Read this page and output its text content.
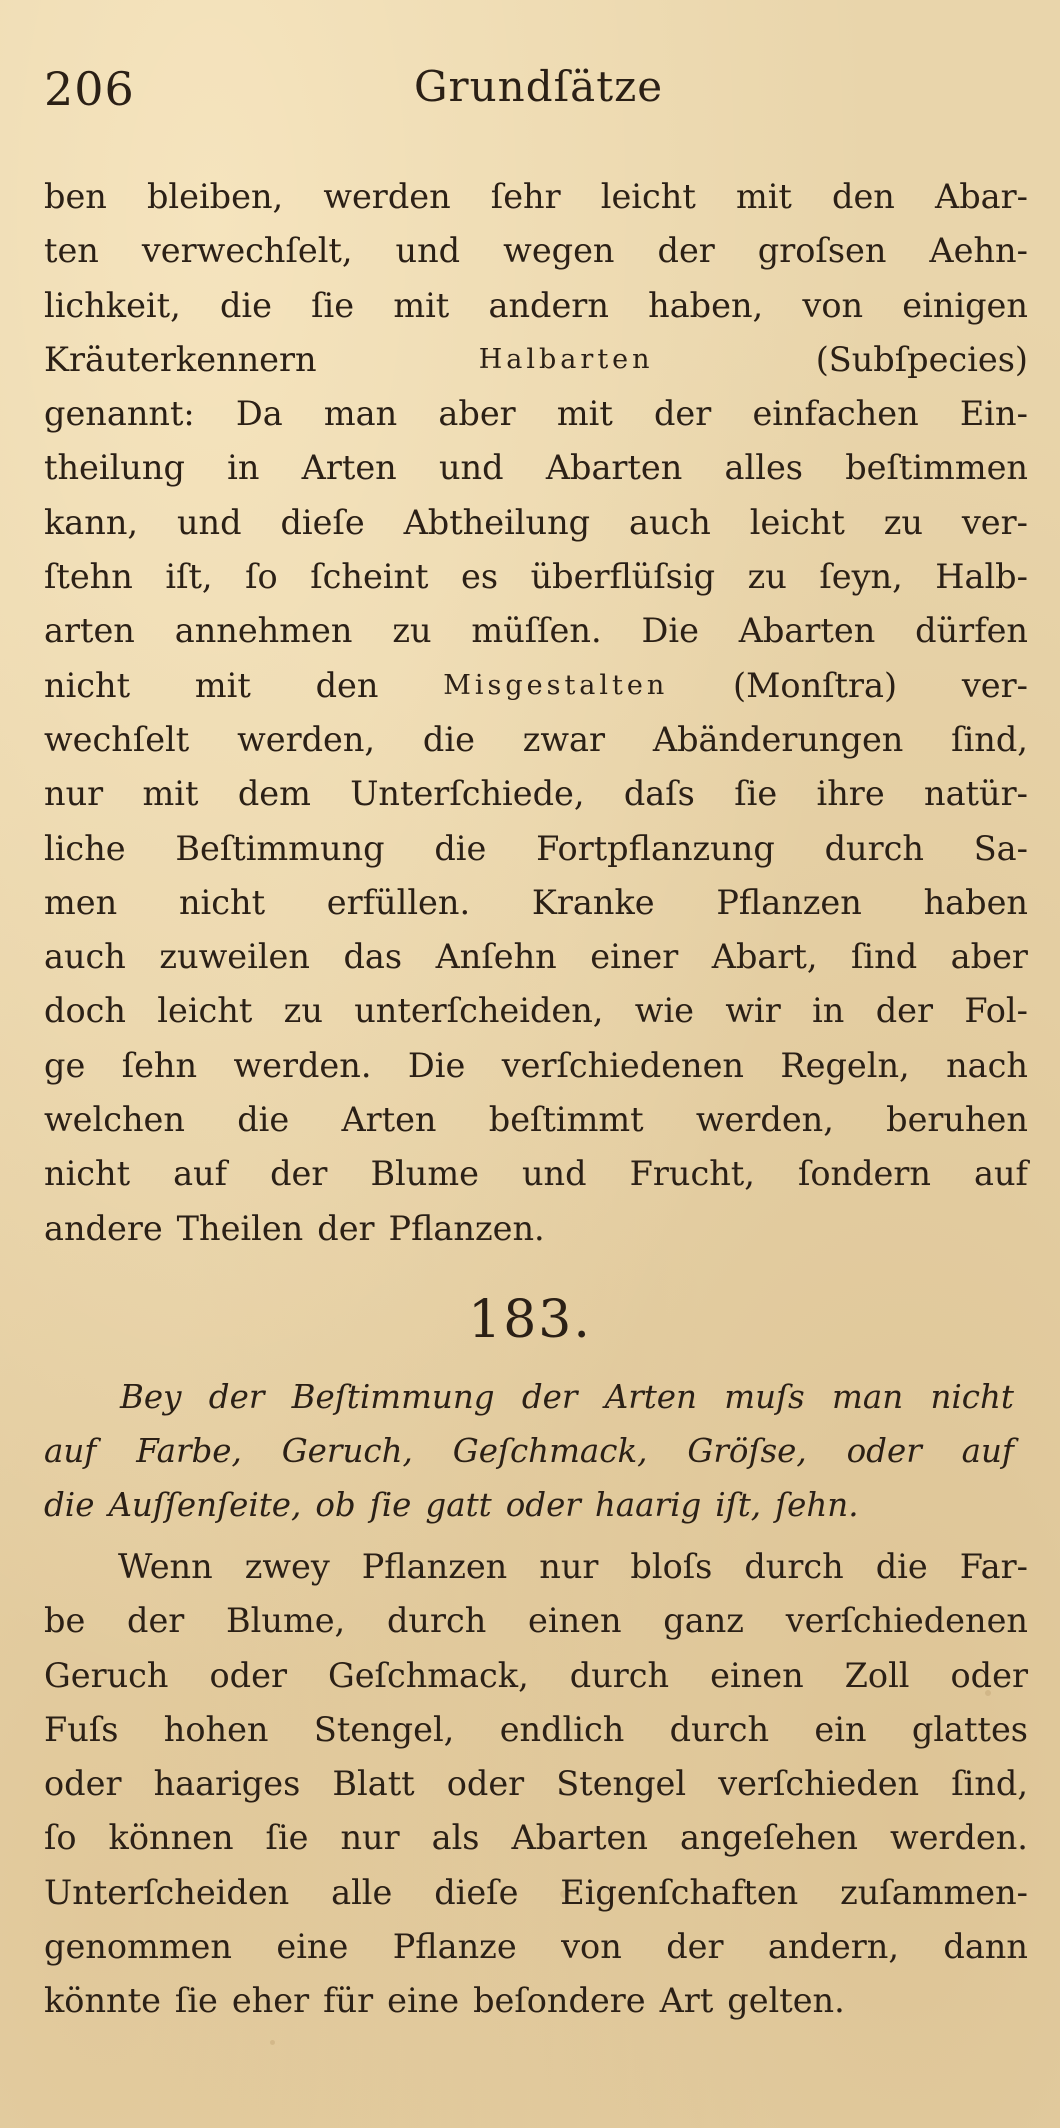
206	Grundſätze
ben bleiben, werden ſehr leicht mit den Abar-
ten verwechſelt, und wegen der groſsen Aehn-
lichkeit, die ſie mit andern haben, von einigen
Kräuterkennern	Halbarten	(Subſpecies)
genannt: Da man aber mit der einfachen Ein-
theilung in Arten und Abarten alles beſtimmen
kann, und dieſe Abtheilung auch leicht zu ver-
ſtehn iſt, ſo ſcheint es überflüſsig zu ſeyn, Halb-
arten annehmen zu müſſen. Die Abarten dürfen
nicht mit den Misgestalten (Monſtra) ver-
wechſelt werden, die zwar Abänderungen ſind,
nur mit dem Unterſchiede, daſs ſie ihre natür-
liche Beſtimmung die Fortpflanzung durch Sa-
men nicht erfüllen. Kranke Pflanzen haben
auch zuweilen das Anſehn einer Abart, ſind aber
doch leicht zu unterſcheiden, wie wir in der Fol-
ge ſehn werden. Die verſchiedenen Regeln, nach
welchen die Arten beſtimmt werden, beruhen
nicht auf der Blume und Frucht, ſondern auf
andere Theilen der Pflanzen.
183.
Bey der Beſtimmung der Arten muſs man nicht
auf Farbe, Geruch, Geſchmack, Gröſse, oder auf
die Auſſenſeite, ob ſie gatt oder haarig iſt, ſehn.
Wenn zwey Pflanzen nur bloſs durch die Far-
be der Blume, durch einen ganz verſchiedenen
Geruch oder Geſchmack, durch einen Zoll oder
Fuſs hohen Stengel, endlich durch ein glattes
oder haariges Blatt oder Stengel verſchieden ſind,
ſo können ſie nur als Abarten angeſehen werden.
Unterſcheiden alle dieſe Eigenſchaften zuſammen-
genommen eine Pflanze von der andern, dann
könnte ſie eher für eine beſondere Art gelten.
